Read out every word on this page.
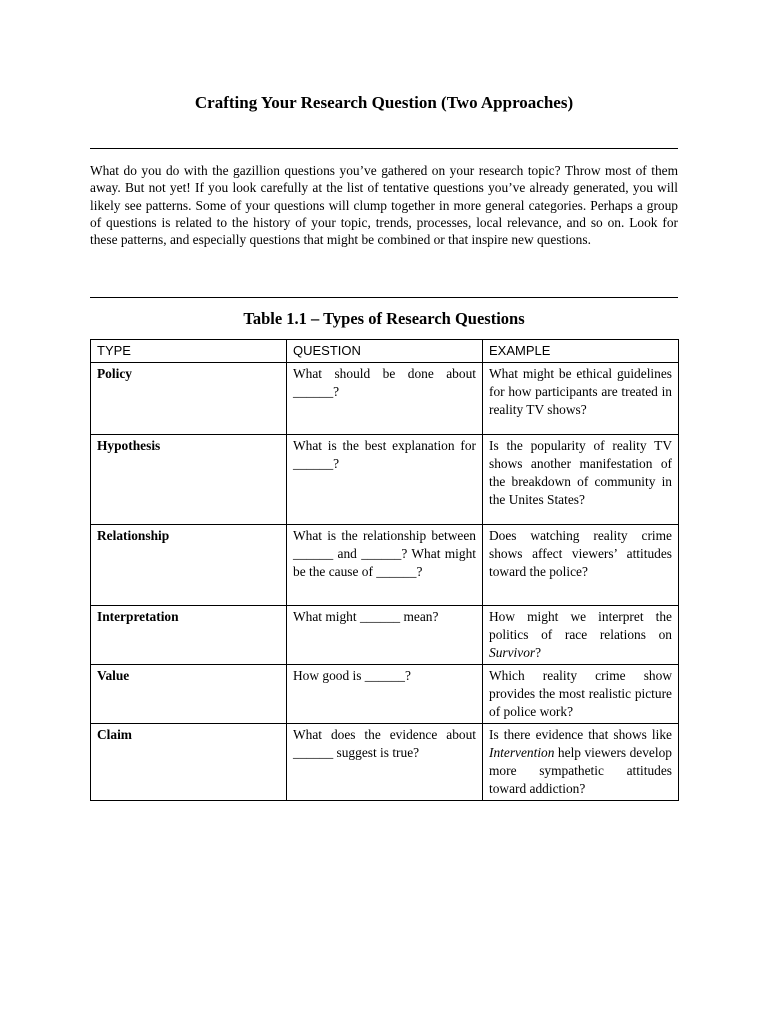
Crafting Your Research Question (Two Approaches)

What do you do with the gazillion questions you’ve gathered on your research topic? Throw most of them away. But not yet! If you look carefully at the list of tentative questions you’ve already generated, you will likely see patterns. Some of your questions will clump together in more general categories. Perhaps a group of questions is related to the history of your topic, trends, processes, local relevance, and so on. Look for these patterns, and especially questions that might be combined or that inspire new questions.

Table 1.1 – Types of Research Questions
TYPE	QUESTION	EXAMPLE
Policy	What should be done about ______?	What might be ethical guidelines for how participants are treated in reality TV shows?
Hypothesis	What is the best explanation for ______?	Is the popularity of reality TV shows another manifestation of the breakdown of community in the Unites States?
Relationship	What is the relationship between ______ and ______? What might be the cause of ______?	Does watching reality crime shows affect viewers’ attitudes toward the police?
Interpretation	What might ______ mean?	How might we interpret the politics of race relations on Survivor?
Value	How good is ______?	Which reality crime show provides the most realistic picture of police work?
Claim	What does the evidence about ______ suggest is true?	Is there evidence that shows like Intervention help viewers develop more sympathetic attitudes toward addiction?
